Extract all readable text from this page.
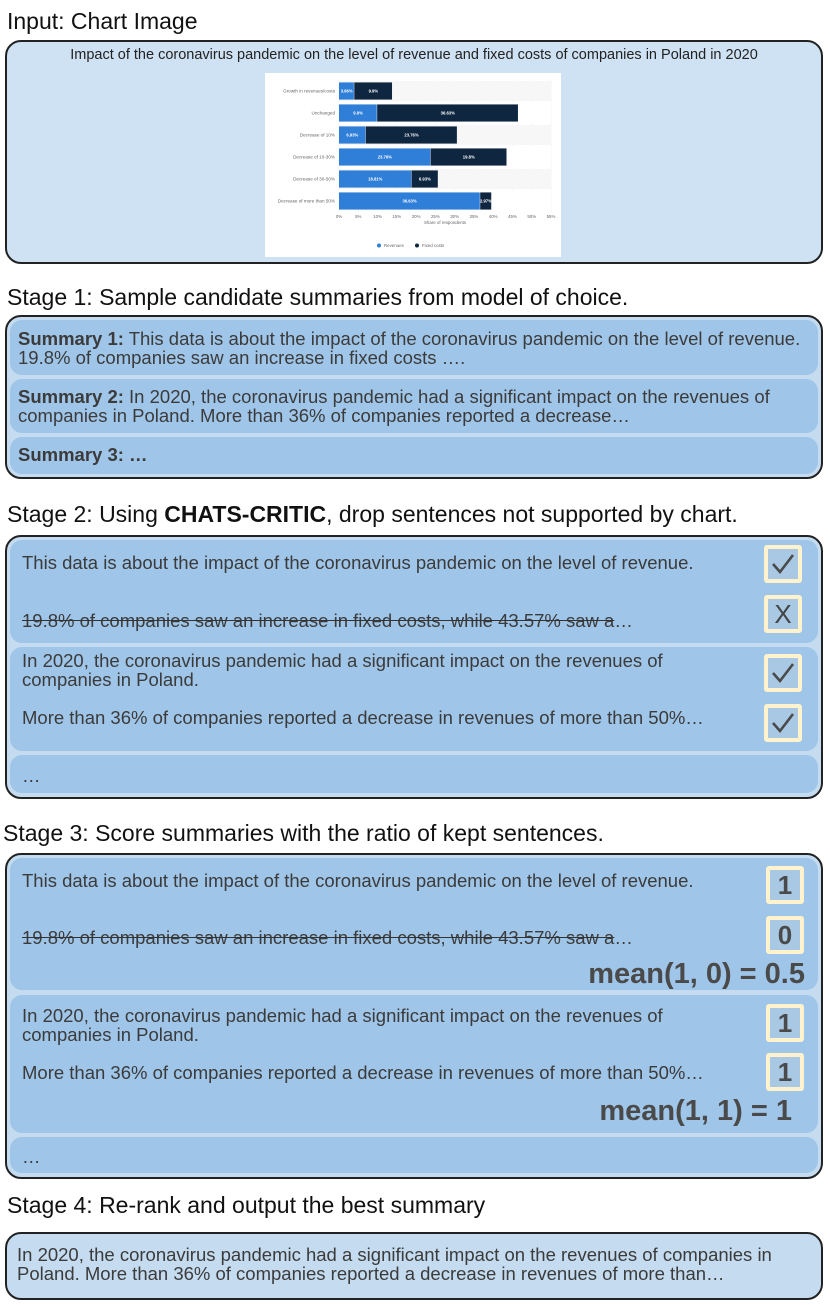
Input: Chart Image
Impact of the coronavirus pandemic on the level of revenue and fixed costs of companies in Poland in 2020
0%	5%	10% 15% 20% 25% 30% 35% 40% 45% 50% 55%
Share of respondents
Growth in revenues/costs 3.96%	9.9%
Unchanged	9.9%	36.63%
Decrease of 10%	6.93%	23.76%
Decrease of 10-30%	23.76%	19.8%
Decrease of 30-50%	18.81%	6.93%
Decrease of more than 50%	36.63%	2.97%
Revenues	Fixed costs
Stage 1: Sample candidate summaries from model of choice.
Summary 1: This data is about the impact of the coronavirus pandemic on the level of revenue. 19.8% of companies saw an increase in fixed costs ….
Summary 2: In 2020, the coronavirus pandemic had a significant impact on the revenues of companies in Poland. More than 36% of companies reported a decrease…
Summary 3: …
Stage 2: Using CHATS-CRITIC, drop sentences not supported by chart.
This data is about the impact of the coronavirus pandemic on the level of revenue.
19.8% of companies saw an increase in fixed costs, while 43.57% saw a…	X
In 2020, the coronavirus pandemic had a significant impact on the revenues of companies in Poland.
More than 36% of companies reported a decrease in revenues of more than 50%…
…
Stage 3: Score summaries with the ratio of kept sentences.
This data is about the impact of the coronavirus pandemic on the level of revenue.
19.8% of companies saw an increase in fixed costs, while 43.57% saw a…
1
0
mean(1, 0) = 0.5
In 2020, the coronavirus pandemic had a significant impact on the revenues of companies in Poland.
More than 36% of companies reported a decrease in revenues of more than 50%…
1
1
mean(1, 1) = 1
…
Stage 4: Re-rank and output the best summary
In 2020, the coronavirus pandemic had a significant impact on the revenues of companies in Poland. More than 36% of companies reported a decrease in revenues of more than…
